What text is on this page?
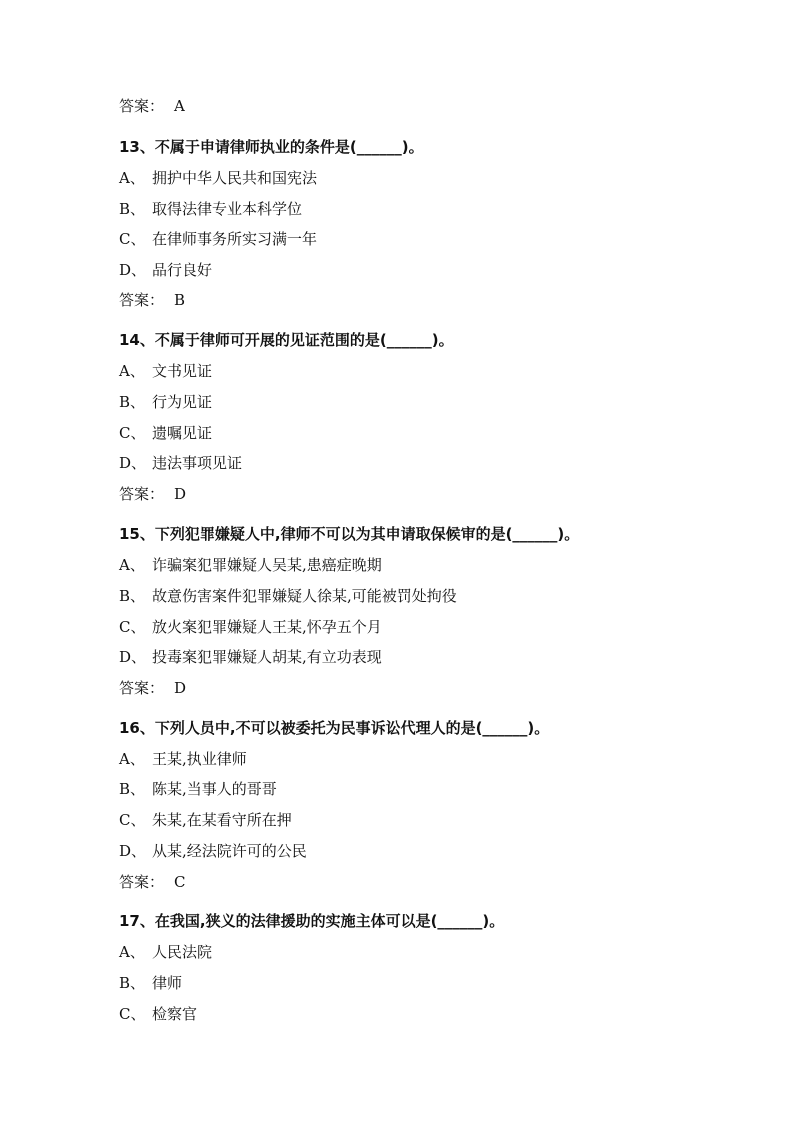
答案： A
13、不属于申请律师执业的条件是(______)。
A、 拥护中华人民共和国宪法
B、 取得法律专业本科学位
C、 在律师事务所实习满一年
D、 品行良好
答案： B
14、不属于律师可开展的见证范围的是(______)。
A、 文书见证
B、 行为见证
C、 遗嘱见证
D、 违法事项见证
答案： D
15、下列犯罪嫌疑人中,律师不可以为其申请取保候审的是(______)。
A、 诈骗案犯罪嫌疑人吴某,患癌症晚期
B、 故意伤害案件犯罪嫌疑人徐某,可能被罚处拘役
C、 放火案犯罪嫌疑人王某,怀孕五个月
D、 投毒案犯罪嫌疑人胡某,有立功表现
答案： D
16、下列人员中,不可以被委托为民事诉讼代理人的是(______)。
A、 王某,执业律师
B、 陈某,当事人的哥哥
C、 朱某,在某看守所在押
D、 从某,经法院许可的公民
答案： C
17、在我国,狭义的法律援助的实施主体可以是(______)。
A、 人民法院
B、 律师
C、 检察官
